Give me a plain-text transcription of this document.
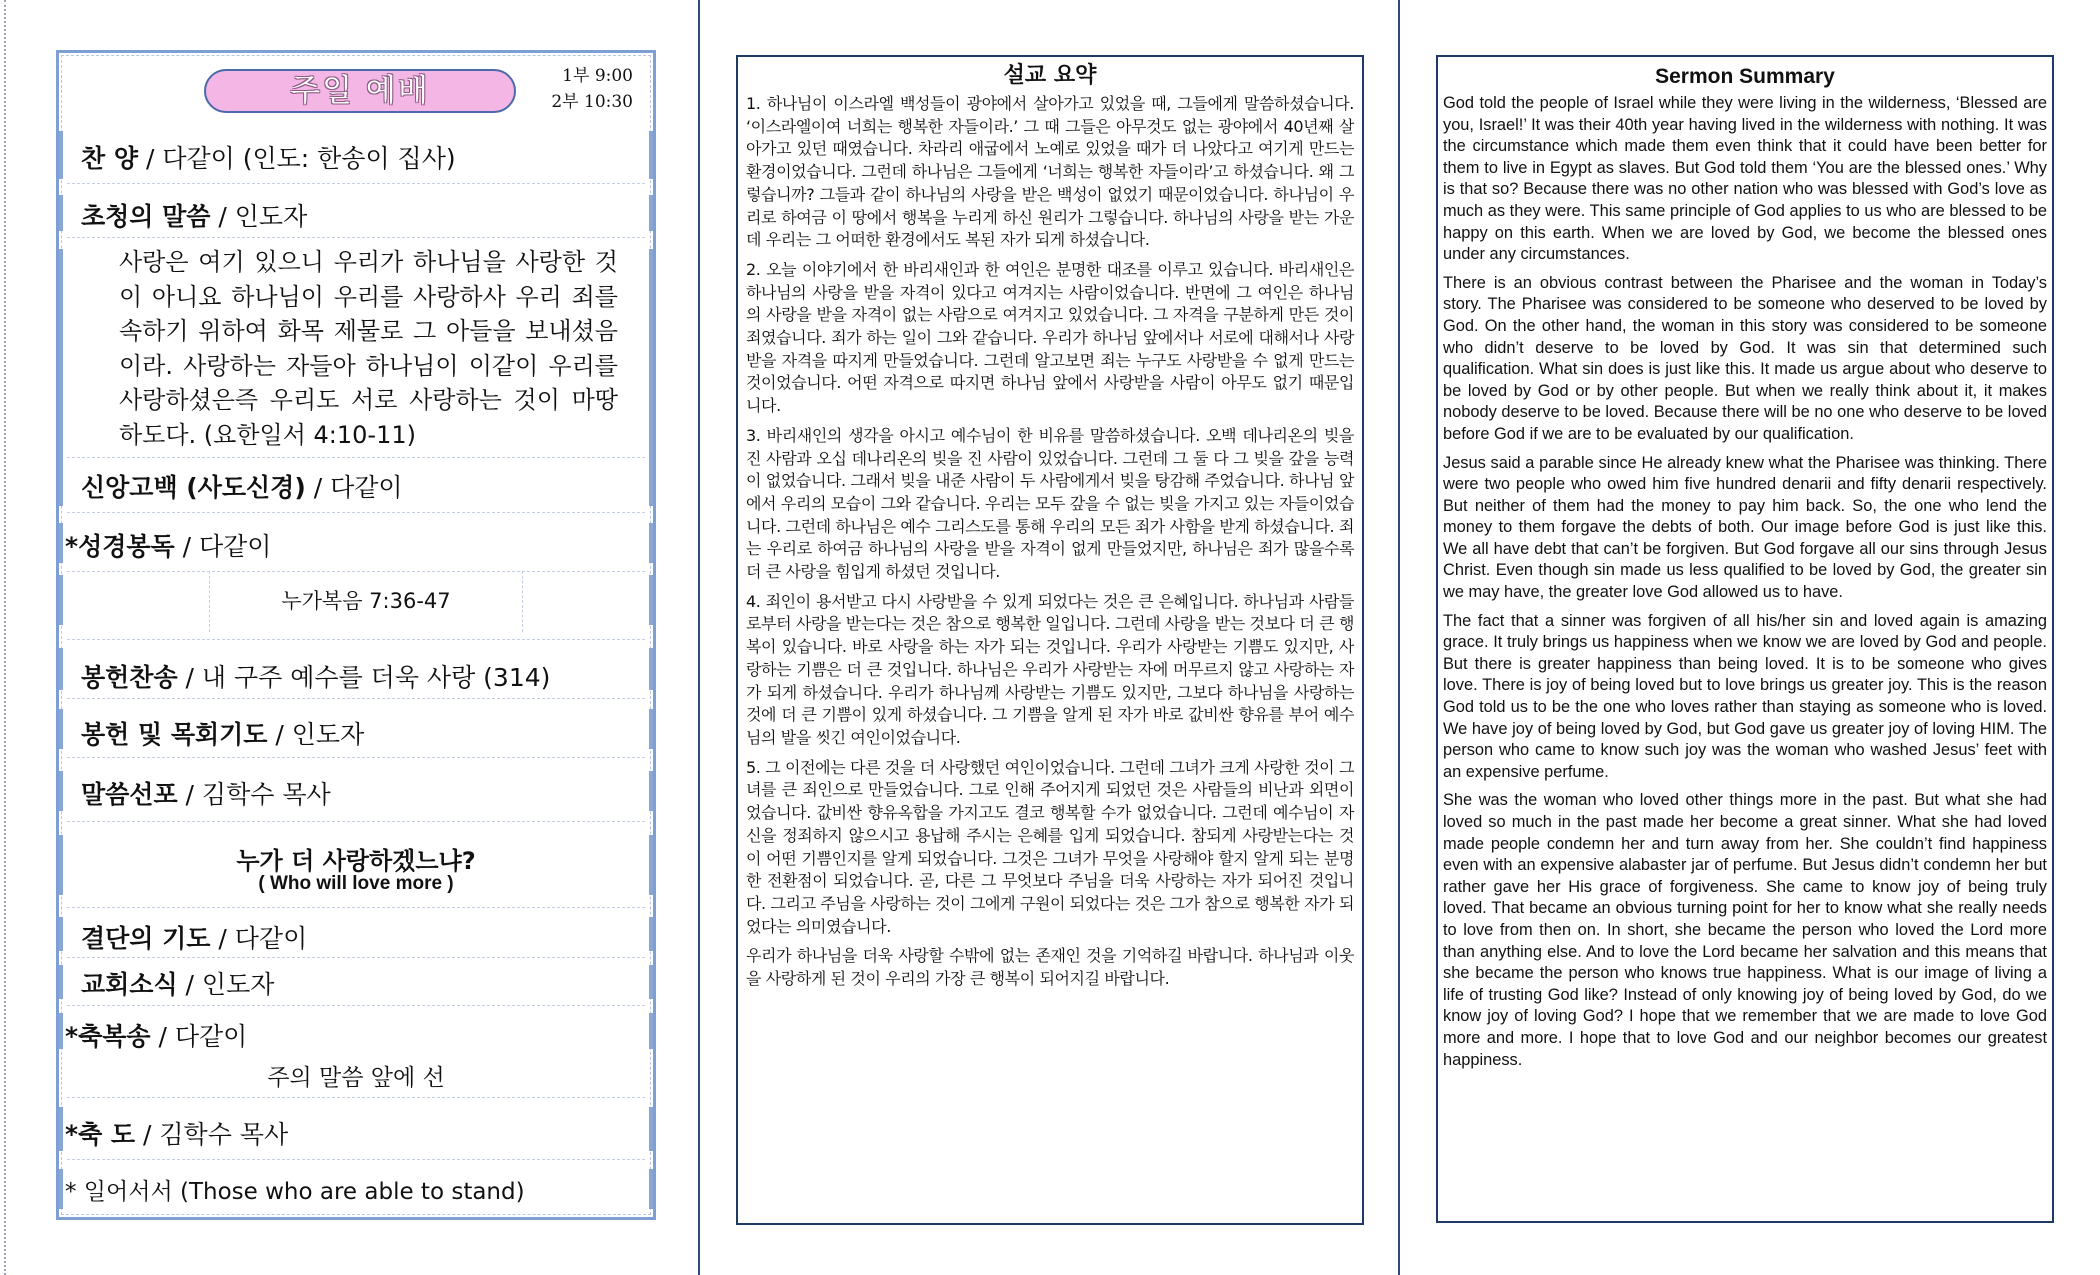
주일 예배	1부 9:00
2부 10:30
찬 양 / 다같이 (인도: 한송이 집사)
초청의 말씀 / 인도자
사랑은 여기 있으니 우리가 하나님을 사랑한 것이 아니요 하나님이 우리를 사랑하사 우리 죄를 속하기 위하여 화목 제물로 그 아들을 보내셨음이라. 사랑하는 자들아 하나님이 이같이 우리를 사랑하셨은즉 우리도 서로 사랑하는 것이 마땅하도다. (요한일서 4:10-11)
신앙고백 (사도신경) / 다같이
*성경봉독 / 다같이
누가복음 7:36-47
봉헌찬송 / 내 구주 예수를 더욱 사랑 (314)
봉헌 및 목회기도 / 인도자
말씀선포 / 김학수 목사
누가 더 사랑하겠느냐?
( Who will love more )
결단의 기도 / 다같이
교회소식 / 인도자
*축복송 / 다같이
주의 말씀 앞에 선
*축 도 / 김학수 목사
* 일어서서 (Those who are able to stand)
설교 요약

1. 하나님이 이스라엘 백성들이 광야에서 살아가고 있었을 때, 그들에게 말씀하셨습니다. ‘이스라엘이여 너희는 행복한 자들이라.’ 그 때 그들은 아무것도 없는 광야에서 40년째 살아가고 있던 때였습니다. 차라리 애굽에서 노예로 있었을 때가 더 나았다고 여기게 만드는 환경이었습니다. 그런데 하나님은 그들에게 ‘너희는 행복한 자들이라’고 하셨습니다. 왜 그렇습니까? 그들과 같이 하나님의 사랑을 받은 백성이 없었기 때문이었습니다. 하나님이 우리로 하여금 이 땅에서 행복을 누리게 하신 원리가 그렇습니다. 하나님의 사랑을 받는 가운데 우리는 그 어떠한 환경에서도 복된 자가 되게 하셨습니다.

2. 오늘 이야기에서 한 바리새인과 한 여인은 분명한 대조를 이루고 있습니다. 바리새인은 하나님의 사랑을 받을 자격이 있다고 여겨지는 사람이었습니다. 반면에 그 여인은 하나님의 사랑을 받을 자격이 없는 사람으로 여겨지고 있었습니다. 그 자격을 구분하게 만든 것이 죄였습니다. 죄가 하는 일이 그와 같습니다. 우리가 하나님 앞에서나 서로에 대해서나 사랑받을 자격을 따지게 만들었습니다. 그런데 알고보면 죄는 누구도 사랑받을 수 없게 만드는 것이었습니다. 어떤 자격으로 따지면 하나님 앞에서 사랑받을 사람이 아무도 없기 때문입니다.

3. 바리새인의 생각을 아시고 예수님이 한 비유를 말씀하셨습니다. 오백 데나리온의 빚을 진 사람과 오십 데나리온의 빚을 진 사람이 있었습니다. 그런데 그 둘 다 그 빚을 갚을 능력이 없었습니다. 그래서 빚을 내준 사람이 두 사람에게서 빚을 탕감해 주었습니다. 하나님 앞에서 우리의 모습이 그와 같습니다. 우리는 모두 갚을 수 없는 빚을 가지고 있는 자들이었습니다. 그런데 하나님은 예수 그리스도를 통해 우리의 모든 죄가 사함을 받게 하셨습니다. 죄는 우리로 하여금 하나님의 사랑을 받을 자격이 없게 만들었지만, 하나님은 죄가 많을수록 더 큰 사랑을 힘입게 하셨던 것입니다.

4. 죄인이 용서받고 다시 사랑받을 수 있게 되었다는 것은 큰 은혜입니다. 하나님과 사람들로부터 사랑을 받는다는 것은 참으로 행복한 일입니다. 그런데 사랑을 받는 것보다 더 큰 행복이 있습니다. 바로 사랑을 하는 자가 되는 것입니다. 우리가 사랑받는 기쁨도 있지만, 사랑하는 기쁨은 더 큰 것입니다. 하나님은 우리가 사랑받는 자에 머무르지 않고 사랑하는 자가 되게 하셨습니다. 우리가 하나님께 사랑받는 기쁨도 있지만, 그보다 하나님을 사랑하는 것에 더 큰 기쁨이 있게 하셨습니다. 그 기쁨을 알게 된 자가 바로 값비싼 향유를 부어 예수님의 발을 씻긴 여인이었습니다.

5. 그 이전에는 다른 것을 더 사랑했던 여인이었습니다. 그런데 그녀가 크게 사랑한 것이 그녀를 큰 죄인으로 만들었습니다. 그로 인해 주어지게 되었던 것은 사람들의 비난과 외면이었습니다. 값비싼 향유옥합을 가지고도 결코 행복할 수가 없었습니다. 그런데 예수님이 자신을 정죄하지 않으시고 용납해 주시는 은혜를 입게 되었습니다. 참되게 사랑받는다는 것이 어떤 기쁨인지를 알게 되었습니다. 그것은 그녀가 무엇을 사랑해야 할지 알게 되는 분명한 전환점이 되었습니다. 곧, 다른 그 무엇보다 주님을 더욱 사랑하는 자가 되어진 것입니다. 그리고 주님을 사랑하는 것이 그에게 구원이 되었다는 것은 그가 참으로 행복한 자가 되었다는 의미였습니다.

우리가 하나님을 더욱 사랑할 수밖에 없는 존재인 것을 기억하길 바랍니다. 하나님과 이웃을 사랑하게 된 것이 우리의 가장 큰 행복이 되어지길 바랍니다.

Sermon Summary

God told the people of Israel while they were living in the wilderness, ‘Blessed are you, Israel!’ It was their 40th year having lived in the wilderness with nothing. It was the circumstance which made them even think that it could have been better for them to live in Egypt as slaves. But God told them ‘You are the blessed ones.’ Why is that so? Because there was no other nation who was blessed with God’s love as much as they were. This same principle of God applies to us who are blessed to be happy on this earth. When we are loved by God, we become the blessed ones under any circumstances.

There is an obvious contrast between the Pharisee and the woman in Today’s story. The Pharisee was considered to be someone who deserved to be loved by God. On the other hand, the woman in this story was considered to be someone who didn’t deserve to be loved by God. It was sin that determined such qualification. What sin does is just like this. It made us argue about who deserve to be loved by God or by other people. But when we really think about it, it makes nobody deserve to be loved. Because there will be no one who deserve to be loved before God if we are to be evaluated by our qualification.

Jesus said a parable since He already knew what the Pharisee was thinking. There were two people who owed him five hundred denarii and fifty denarii respectively. But neither of them had the money to pay him back. So, the one who lend the money to them forgave the debts of both. Our image before God is just like this. We all have debt that can’t be forgiven. But God forgave all our sins through Jesus Christ. Even though sin made us less qualified to be loved by God, the greater sin we may have, the greater love God allowed us to have.

The fact that a sinner was forgiven of all his/her sin and loved again is amazing grace. It truly brings us happiness when we know we are loved by God and people. But there is greater happiness than being loved. It is to be someone who gives love. There is joy of being loved but to love brings us greater joy. This is the reason God told us to be the one who loves rather than staying as someone who is loved. We have joy of being loved by God, but God gave us greater joy of loving HIM. The person who came to know such joy was the woman who washed Jesus’ feet with an expensive perfume.

She was the woman who loved other things more in the past. But what she had loved so much in the past made her become a great sinner. What she had loved made people condemn her and turn away from her. She couldn’t find happiness even with an expensive alabaster jar of perfume. But Jesus didn’t condemn her but rather gave her His grace of forgiveness. She came to know joy of being truly loved. That became an obvious turning point for her to know what she really needs to love from then on. In short, she became the person who loved the Lord more than anything else. And to love the Lord became her salvation and this means that she became the person who knows true happiness. What is our image of living a life of trusting God like? Instead of only knowing joy of being loved by God, do we know joy of loving God? I hope that we remember that we are made to love God more and more. I hope that to love God and our neighbor becomes our greatest happiness.
